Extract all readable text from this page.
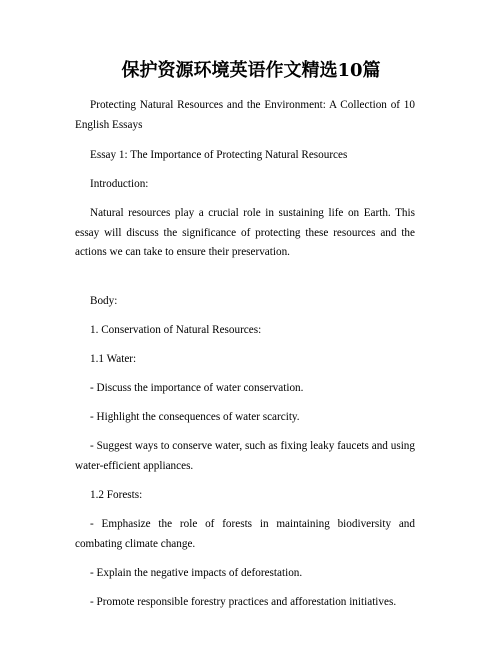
保护资源环境英语作文精选10篇

Protecting Natural Resources and the Environment: A Collection of 10 English Essays

Essay 1: The Importance of Protecting Natural Resources

Introduction:

Natural resources play a crucial role in sustaining life on Earth. This essay will discuss the significance of protecting these resources and the actions we can take to ensure their preservation.

Body:

1. Conservation of Natural Resources:

1.1 Water:

- Discuss the importance of water conservation.

- Highlight the consequences of water scarcity.

- Suggest ways to conserve water, such as fixing leaky faucets and using water-efficient appliances.

1.2 Forests:

- Emphasize the role of forests in maintaining biodiversity and combating climate change.

- Explain the negative impacts of deforestation.

- Promote responsible forestry practices and afforestation initiatives.
